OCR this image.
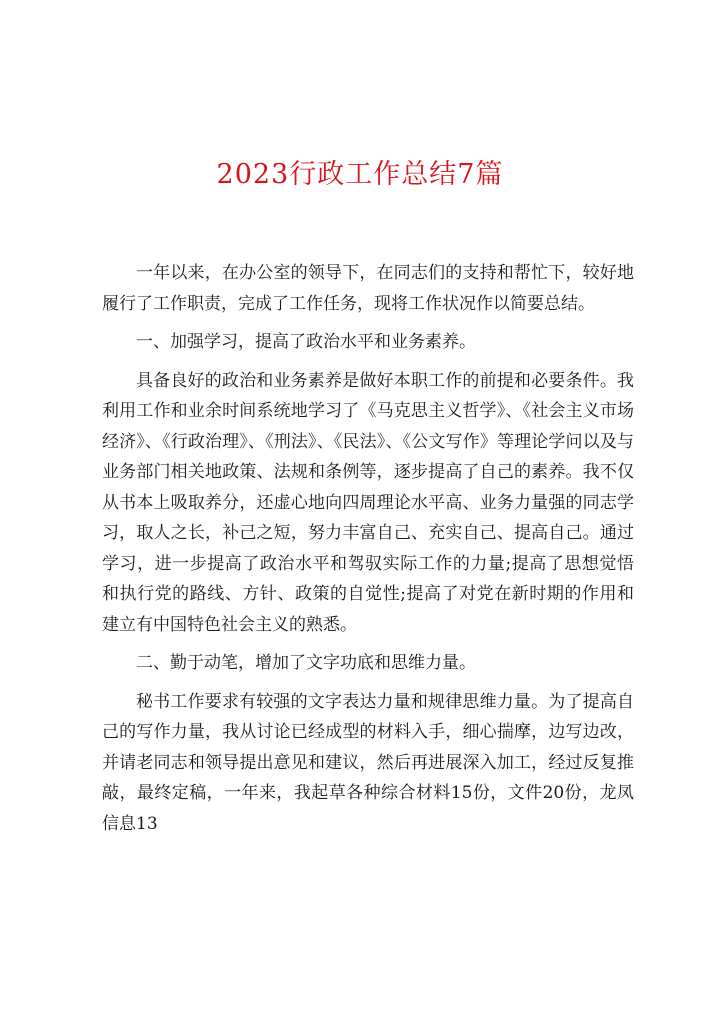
2023行政工作总结7篇

一年以来，在办公室的领导下，在同志们的支持和帮忙下，较好地履行了工作职责，完成了工作任务，现将工作状况作以简要总结。

一、加强学习，提高了政治水平和业务素养。

具备良好的政治和业务素养是做好本职工作的前提和必要条件。我利用工作和业余时间系统地学习了《马克思主义哲学》、《社会主义市场经济》、《行政治理》、《刑法》、《民法》、《公文写作》等理论学问以及与业务部门相关地政策、法规和条例等，逐步提高了自己的素养。我不仅从书本上吸取养分，还虚心地向四周理论水平高、业务力量强的同志学习，取人之长，补己之短，努力丰富自己、充实自己、提高自己。通过学习，进一步提高了政治水平和驾驭实际工作的力量;提高了思想觉悟和执行党的路线、方针、政策的自觉性;提高了对党在新时期的作用和建立有中国特色社会主义的熟悉。

二、勤于动笔，增加了文字功底和思维力量。

秘书工作要求有较强的文字表达力量和规律思维力量。为了提高自己的写作力量，我从讨论已经成型的材料入手，细心揣摩，边写边改，并请老同志和领导提出意见和建议，然后再进展深入加工，经过反复推敲，最终定稿，一年来，我起草各种综合材料15份，文件20份，龙凤信息13
